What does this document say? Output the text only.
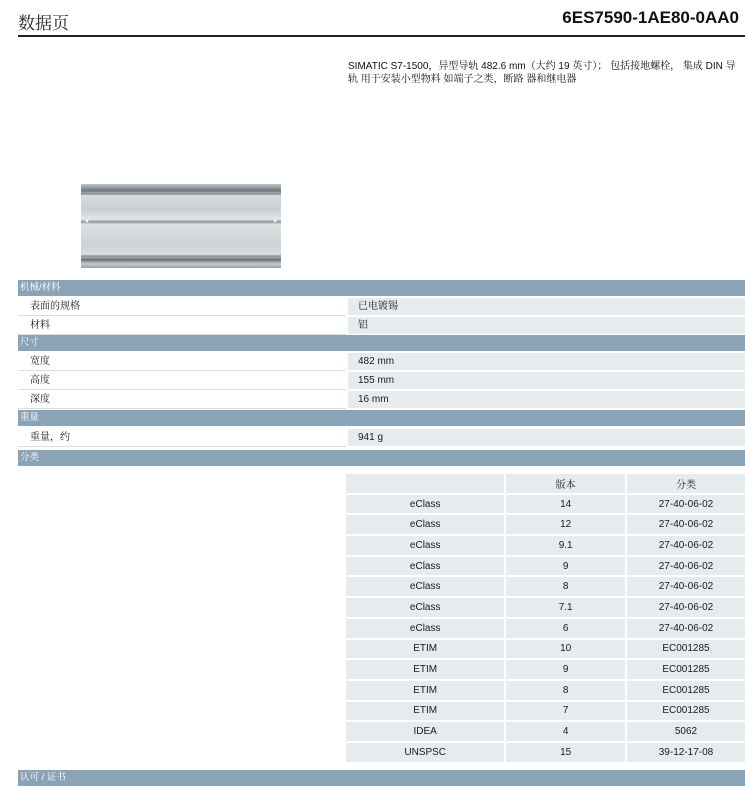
数据页	6ES7590-1AE80-0AA0
SIMATIC S7-1500，异型导轨 482.6 mm（大约 19 英寸）； 包括接地螺栓， 集成 DIN 导轨 用于安装小型物料 如端子之类，断路 器和继电器
机械/材料
表面的规格	已电镀锡
材料	铝
尺寸
宽度	482 mm
高度	155 mm
深度	16 mm
重量
重量，约	941 g
分类
	版本	分类
eClass	14	27-40-06-02
eClass	12	27-40-06-02
eClass	9.1	27-40-06-02
eClass	9	27-40-06-02
eClass	8	27-40-06-02
eClass	7.1	27-40-06-02
eClass	6	27-40-06-02
ETIM	10	EC001285
ETIM	9	EC001285
ETIM	8	EC001285
ETIM	7	EC001285
IDEA	4	5062
UNSPSC	15	39-12-17-08
认可 / 证书
